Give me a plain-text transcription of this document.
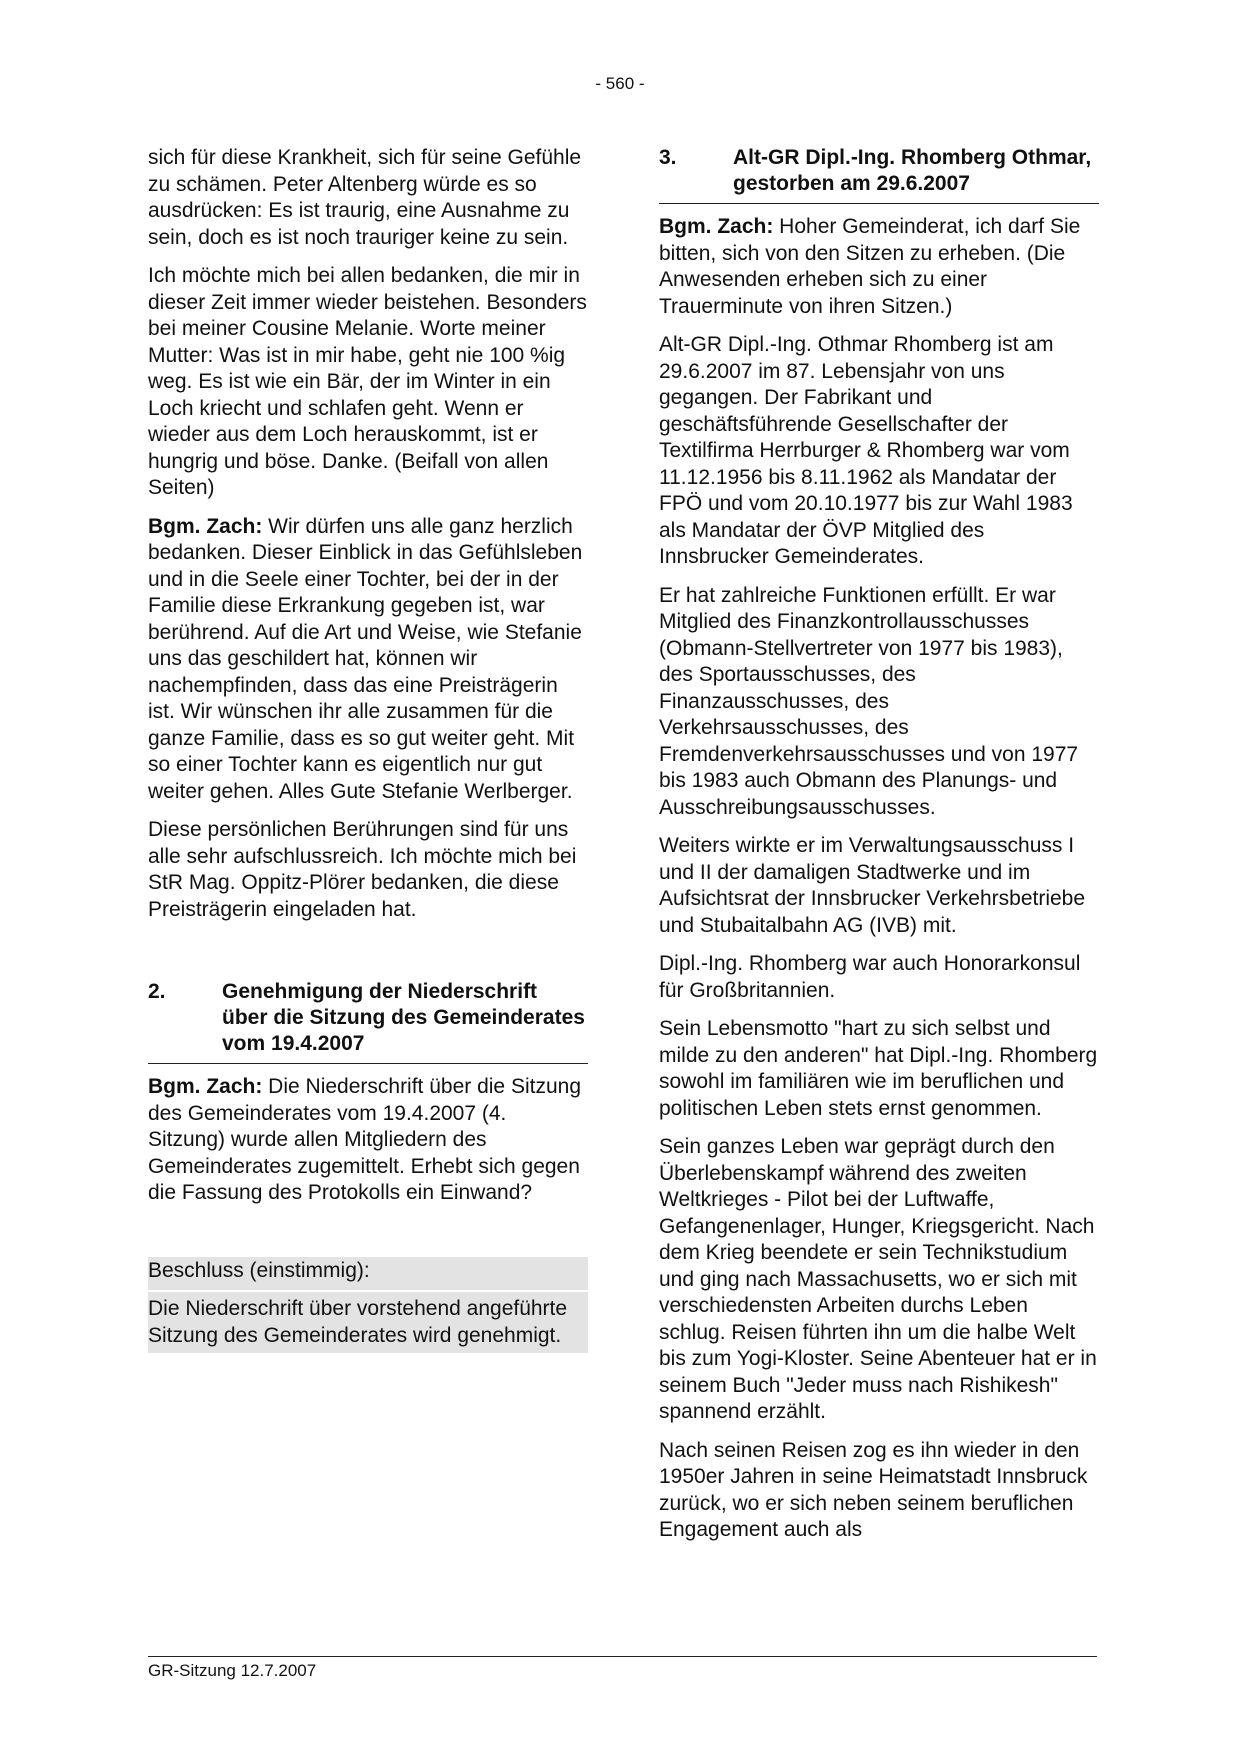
- 560 -

sich für diese Krankheit, sich für seine Gefühle zu schämen. Peter Altenberg würde es so ausdrücken: Es ist traurig, eine Ausnahme zu sein, doch es ist noch trauriger keine zu sein.

Ich möchte mich bei allen bedanken, die mir in dieser Zeit immer wieder beistehen. Besonders bei meiner Cousine Melanie. Worte meiner Mutter: Was ist in mir habe, geht nie 100 %ig weg. Es ist wie ein Bär, der im Winter in ein Loch kriecht und schlafen geht. Wenn er wieder aus dem Loch herauskommt, ist er hungrig und böse. Danke. (Beifall von allen Seiten)

Bgm. Zach: Wir dürfen uns alle ganz herzlich bedanken. Dieser Einblick in das Gefühlsleben und in die Seele einer Tochter, bei der in der Familie diese Erkrankung gegeben ist, war berührend. Auf die Art und Weise, wie Stefanie uns das geschildert hat, können wir nachempfinden, dass das eine Preisträgerin ist. Wir wünschen ihr alle zusammen für die ganze Familie, dass es so gut weiter geht. Mit so einer Tochter kann es eigentlich nur gut weiter gehen. Alles Gute Stefanie Werlberger.

Diese persönlichen Berührungen sind für uns alle sehr aufschlussreich. Ich möchte mich bei StR Mag. Oppitz-Plörer bedanken, die diese Preisträgerin eingeladen hat.

2.	Genehmigung der Niederschrift über die Sitzung des Gemeinderates vom 19.4.2007

Bgm. Zach: Die Niederschrift über die Sitzung des Gemeinderates vom 19.4.2007 (4. Sitzung) wurde allen Mitgliedern des Gemeinderates zugemittelt. Erhebt sich gegen die Fassung des Protokolls ein Einwand?

Beschluss (einstimmig):
Die Niederschrift über vorstehend angeführte Sitzung des Gemeinderates wird genehmigt.
3.	Alt-GR Dipl.-Ing. Rhomberg Othmar, gestorben am 29.6.2007

Bgm. Zach: Hoher Gemeinderat, ich darf Sie bitten, sich von den Sitzen zu erheben. (Die Anwesenden erheben sich zu einer Trauerminute von ihren Sitzen.)

Alt-GR Dipl.-Ing. Othmar Rhomberg ist am 29.6.2007 im 87. Lebensjahr von uns gegangen. Der Fabrikant und geschäftsführende Gesellschafter der Textilfirma Herrburger & Rhomberg war vom 11.12.1956 bis 8.11.1962 als Mandatar der FPÖ und vom 20.10.1977 bis zur Wahl 1983 als Mandatar der ÖVP Mitglied des Innsbrucker Gemeinderates.

Er hat zahlreiche Funktionen erfüllt. Er war Mitglied des Finanzkontrollausschusses (Obmann-Stellvertreter von 1977 bis 1983), des Sportausschusses, des Finanzausschusses, des Verkehrsausschusses, des Fremdenverkehrsausschusses und von 1977 bis 1983 auch Obmann des Planungs- und Ausschreibungsausschusses.

Weiters wirkte er im Verwaltungsausschuss I und II der damaligen Stadtwerke und im Aufsichtsrat der Innsbrucker Verkehrsbetriebe und Stubaitalbahn AG (IVB) mit.

Dipl.-Ing. Rhomberg war auch Honorarkonsul für Großbritannien.

Sein Lebensmotto "hart zu sich selbst und milde zu den anderen" hat Dipl.-Ing. Rhomberg sowohl im familiären wie im beruflichen und politischen Leben stets ernst genommen.

Sein ganzes Leben war geprägt durch den Überlebenskampf während des zweiten Weltkrieges - Pilot bei der Luftwaffe, Gefangenenlager, Hunger, Kriegsgericht. Nach dem Krieg beendete er sein Technikstudium und ging nach Massachusetts, wo er sich mit verschiedensten Arbeiten durchs Leben schlug. Reisen führten ihn um die halbe Welt bis zum Yogi-Kloster. Seine Abenteuer hat er in seinem Buch "Jeder muss nach Rishikesh" spannend erzählt.

Nach seinen Reisen zog es ihn wieder in den 1950er Jahren in seine Heimatstadt Innsbruck zurück, wo er sich neben seinem beruflichen Engagement auch als

GR-Sitzung 12.7.2007
